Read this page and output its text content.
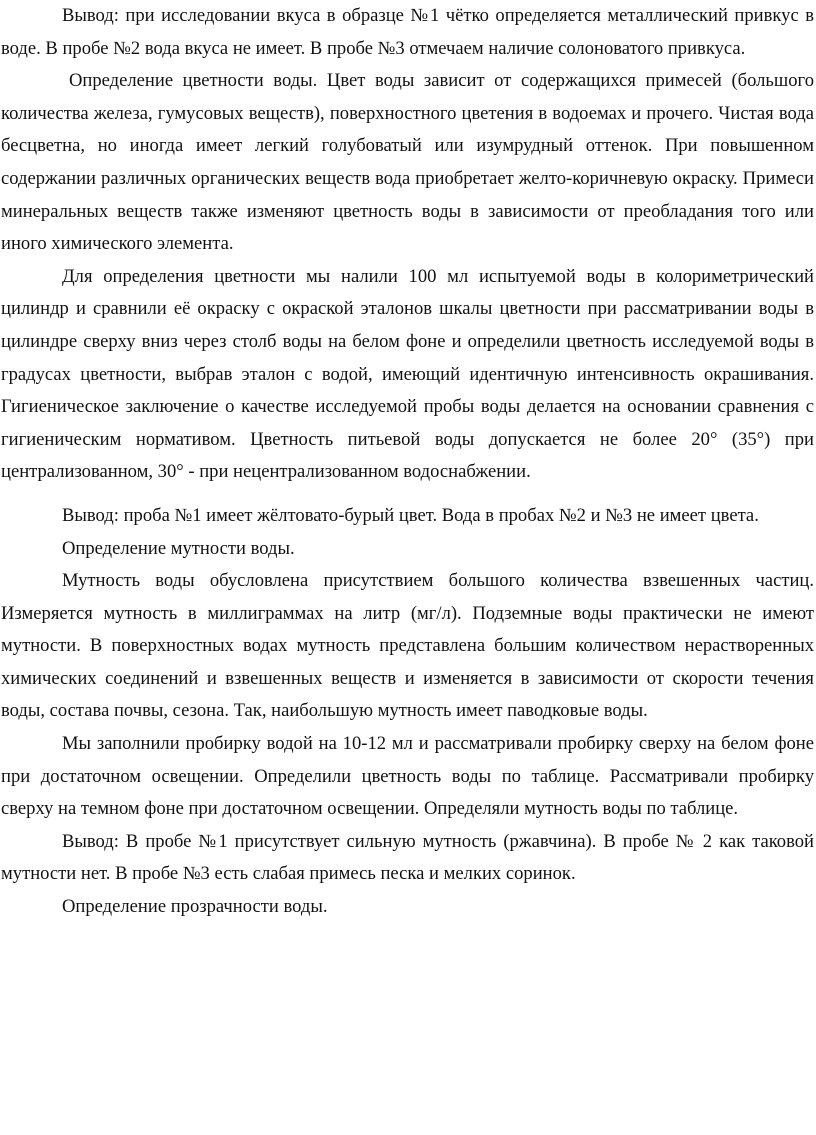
Вывод: при исследовании вкуса в образце №1 чётко определяется металлический привкус в воде. В пробе №2 вода вкуса не имеет. В пробе №3 отмечаем наличие солоноватого привкуса.

Определение цветности воды. Цвет воды зависит от содержащихся примесей (большого количества железа, гумусовых веществ), поверхностного цветения в водоемах и прочего. Чистая вода бесцветна, но иногда имеет легкий голубоватый или изумрудный оттенок. При повышенном содержании различных органических веществ вода приобретает желто-коричневую окраску. Примеси минеральных веществ также изменяют цветность воды в зависимости от преобладания того или иного химического элемента.

Для определения цветности мы налили 100 мл испытуемой воды в колориметрический цилиндр и сравнили её окраску с окраской эталонов шкалы цветности при рассматривании воды в цилиндре сверху вниз через столб воды на белом фоне и определили цветность исследуемой воды в градусах цветности, выбрав эталон с водой, имеющий идентичную интенсивность окрашивания. Гигиеническое заключение о качестве исследуемой пробы воды делается на основании сравнения с гигиеническим нормативом. Цветность питьевой воды допускается не более 20° (35°) при централизованном, 30° - при нецентрализованном водоснабжении.

Вывод: проба №1 имеет жёлтовато-бурый цвет. Вода в пробах №2 и №3 не имеет цвета.

Определение мутности воды.

Мутность воды обусловлена присутствием большого количества взвешенных частиц. Измеряется мутность в миллиграммах на литр (мг/л). Подземные воды практически не имеют мутности. В поверхностных водах мутность представлена большим количеством нерастворенных химических соединений и взвешенных веществ и изменяется в зависимости от скорости течения воды, состава почвы, сезона. Так, наибольшую мутность имеет паводковые воды.

Мы заполнили пробирку водой на 10-12 мл и рассматривали пробирку сверху на белом фоне при достаточном освещении. Определили цветность воды по таблице. Рассматривали пробирку сверху на темном фоне при достаточном освещении. Определяли мутность воды по таблице.

Вывод: В пробе №1 присутствует сильную мутность (ржавчина). В пробе № 2 как таковой мутности нет. В пробе №3 есть слабая примесь песка и мелких соринок.

Определение прозрачности воды.
